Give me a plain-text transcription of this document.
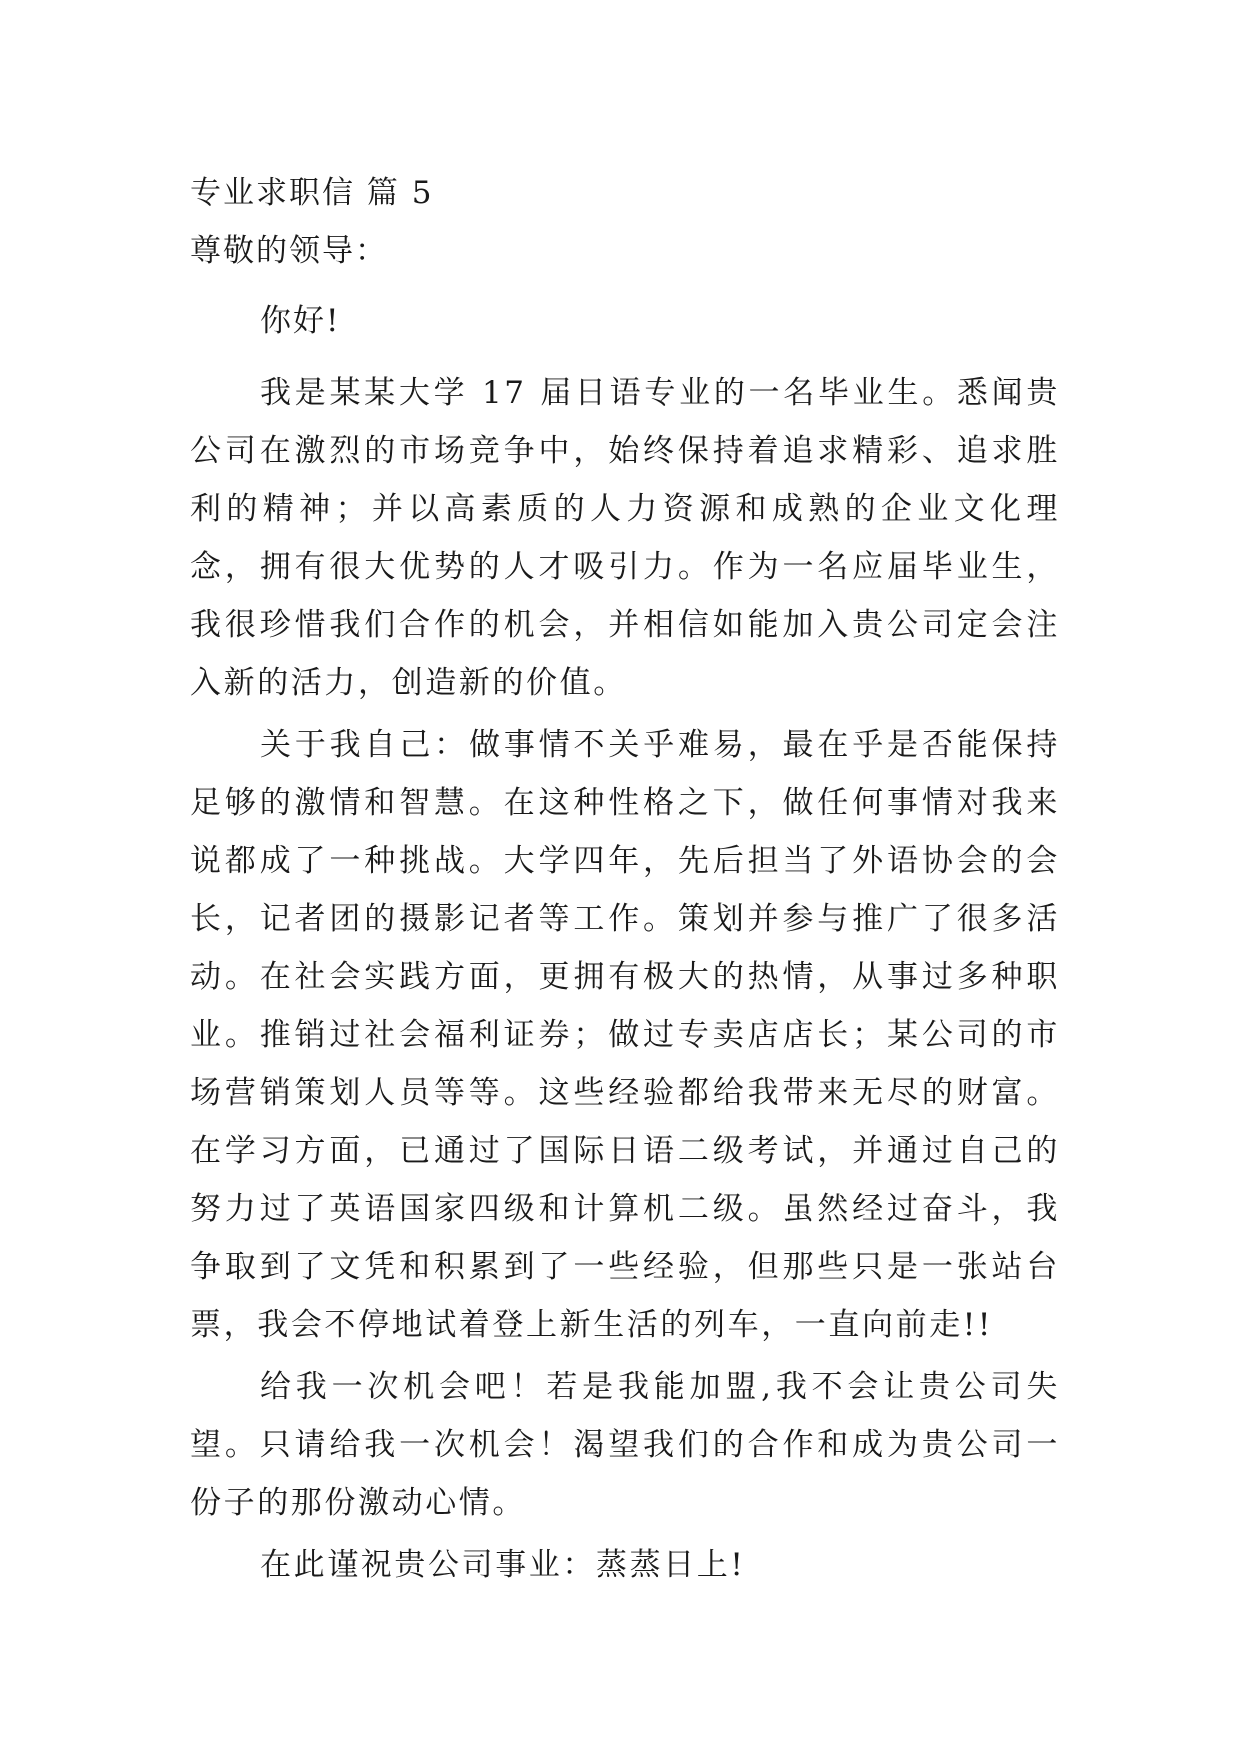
专业求职信 篇 5

尊敬的领导：

你好!

我是某某大学 17 届日语专业的一名毕业生。悉闻贵公司在激烈的市场竞争中，始终保持着追求精彩、追求胜利的精神；并以高素质的人力资源和成熟的企业文化理念，拥有很大优势的人才吸引力。作为一名应届毕业生，我很珍惜我们合作的机会，并相信如能加入贵公司定会注入新的活力，创造新的价值。

关于我自己：做事情不关乎难易，最在乎是否能保持足够的激情和智慧。在这种性格之下，做任何事情对我来说都成了一种挑战。大学四年，先后担当了外语协会的会长，记者团的摄影记者等工作。策划并参与推广了很多活动。在社会实践方面，更拥有极大的热情，从事过多种职业。推销过社会福利证券；做过专卖店店长；某公司的市场营销策划人员等等。这些经验都给我带来无尽的财富。在学习方面，已通过了国际日语二级考试，并通过自己的努力过了英语国家四级和计算机二级。虽然经过奋斗，我争取到了文凭和积累到了一些经验，但那些只是一张站台票，我会不停地试着登上新生活的列车，一直向前走!!

给我一次机会吧！若是我能加盟,我不会让贵公司失望。只请给我一次机会！渴望我们的合作和成为贵公司一份子的那份激动心情。

在此谨祝贵公司事业：蒸蒸日上!
